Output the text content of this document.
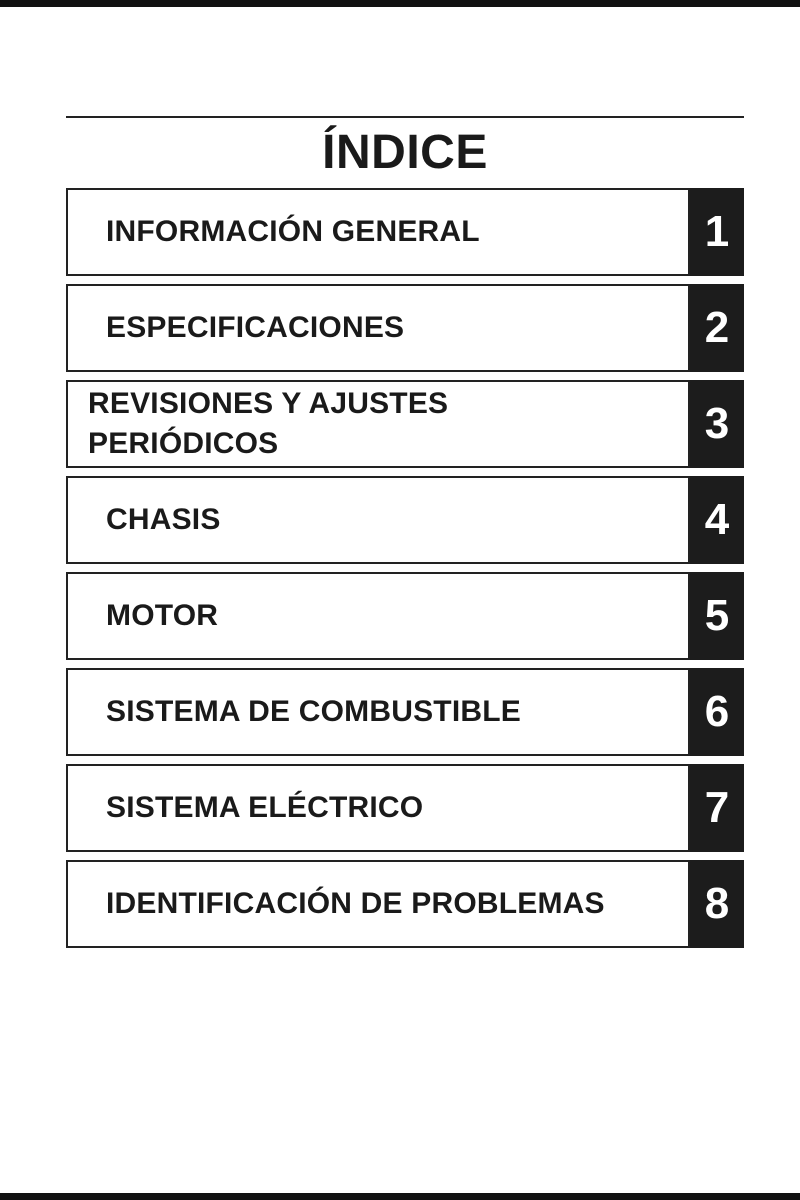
ÍNDICE
INFORMACIÓN GENERAL	1
ESPECIFICACIONES	2
REVISIONES Y AJUSTES
PERIÓDICOS	3
CHASIS	4
MOTOR	5
SISTEMA DE COMBUSTIBLE	6
SISTEMA ELÉCTRICO	7
IDENTIFICACIÓN DE PROBLEMAS	8
